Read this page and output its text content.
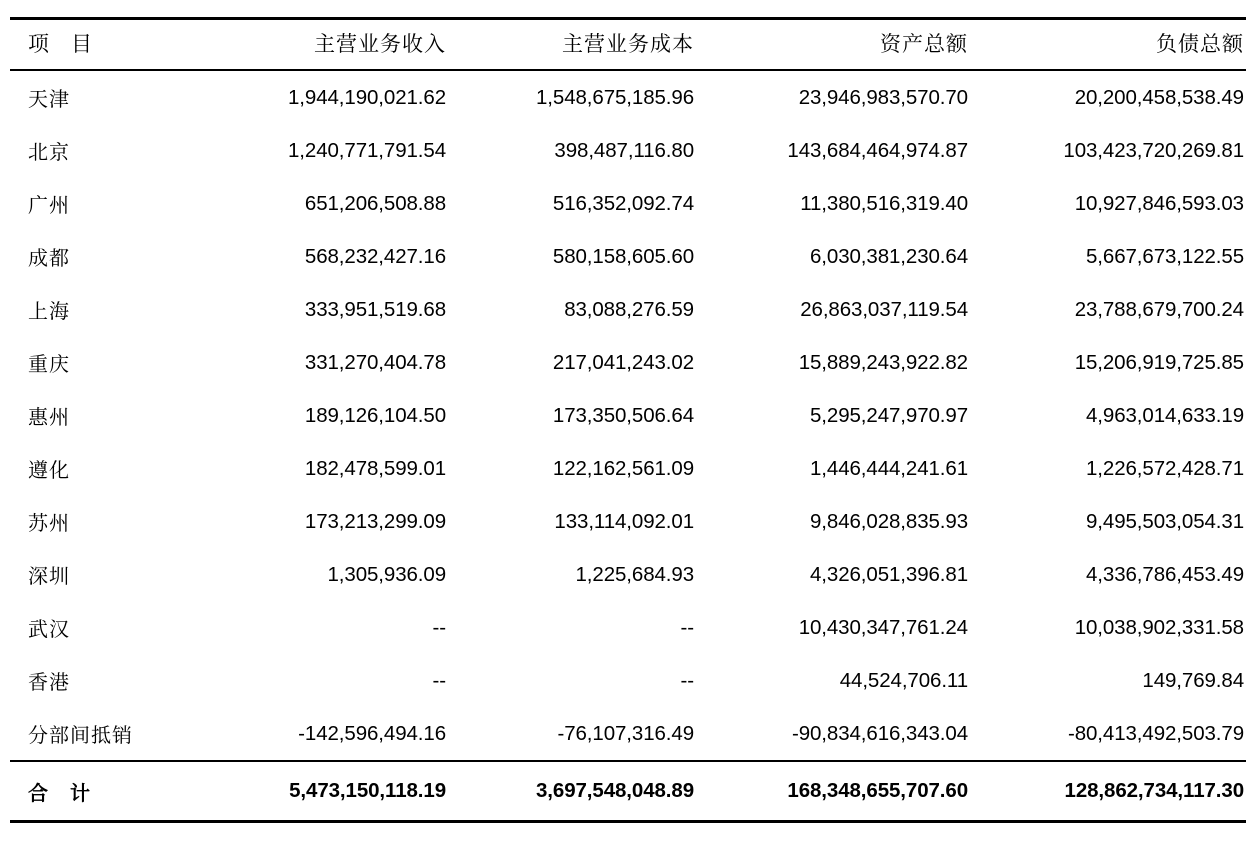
项　目	主营业务收入	主营业务成本	资产总额	负债总额
天津	1,944,190,021.62	1,548,675,185.96	23,946,983,570.70	20,200,458,538.49
北京	1,240,771,791.54	398,487,116.80	143,684,464,974.87	103,423,720,269.81
广州	651,206,508.88	516,352,092.74	11,380,516,319.40	10,927,846,593.03
成都	568,232,427.16	580,158,605.60	6,030,381,230.64	5,667,673,122.55
上海	333,951,519.68	83,088,276.59	26,863,037,119.54	23,788,679,700.24
重庆	331,270,404.78	217,041,243.02	15,889,243,922.82	15,206,919,725.85
惠州	189,126,104.50	173,350,506.64	5,295,247,970.97	4,963,014,633.19
遵化	182,478,599.01	122,162,561.09	1,446,444,241.61	1,226,572,428.71
苏州	173,213,299.09	133,114,092.01	9,846,028,835.93	9,495,503,054.31
深圳	1,305,936.09	1,225,684.93	4,326,051,396.81	4,336,786,453.49
武汉	--	--	10,430,347,761.24	10,038,902,331.58
香港	--	--	44,524,706.11	149,769.84
分部间抵销	-142,596,494.16	-76,107,316.49	-90,834,616,343.04	-80,413,492,503.79
合　计	5,473,150,118.19	3,697,548,048.89	168,348,655,707.60	128,862,734,117.30
